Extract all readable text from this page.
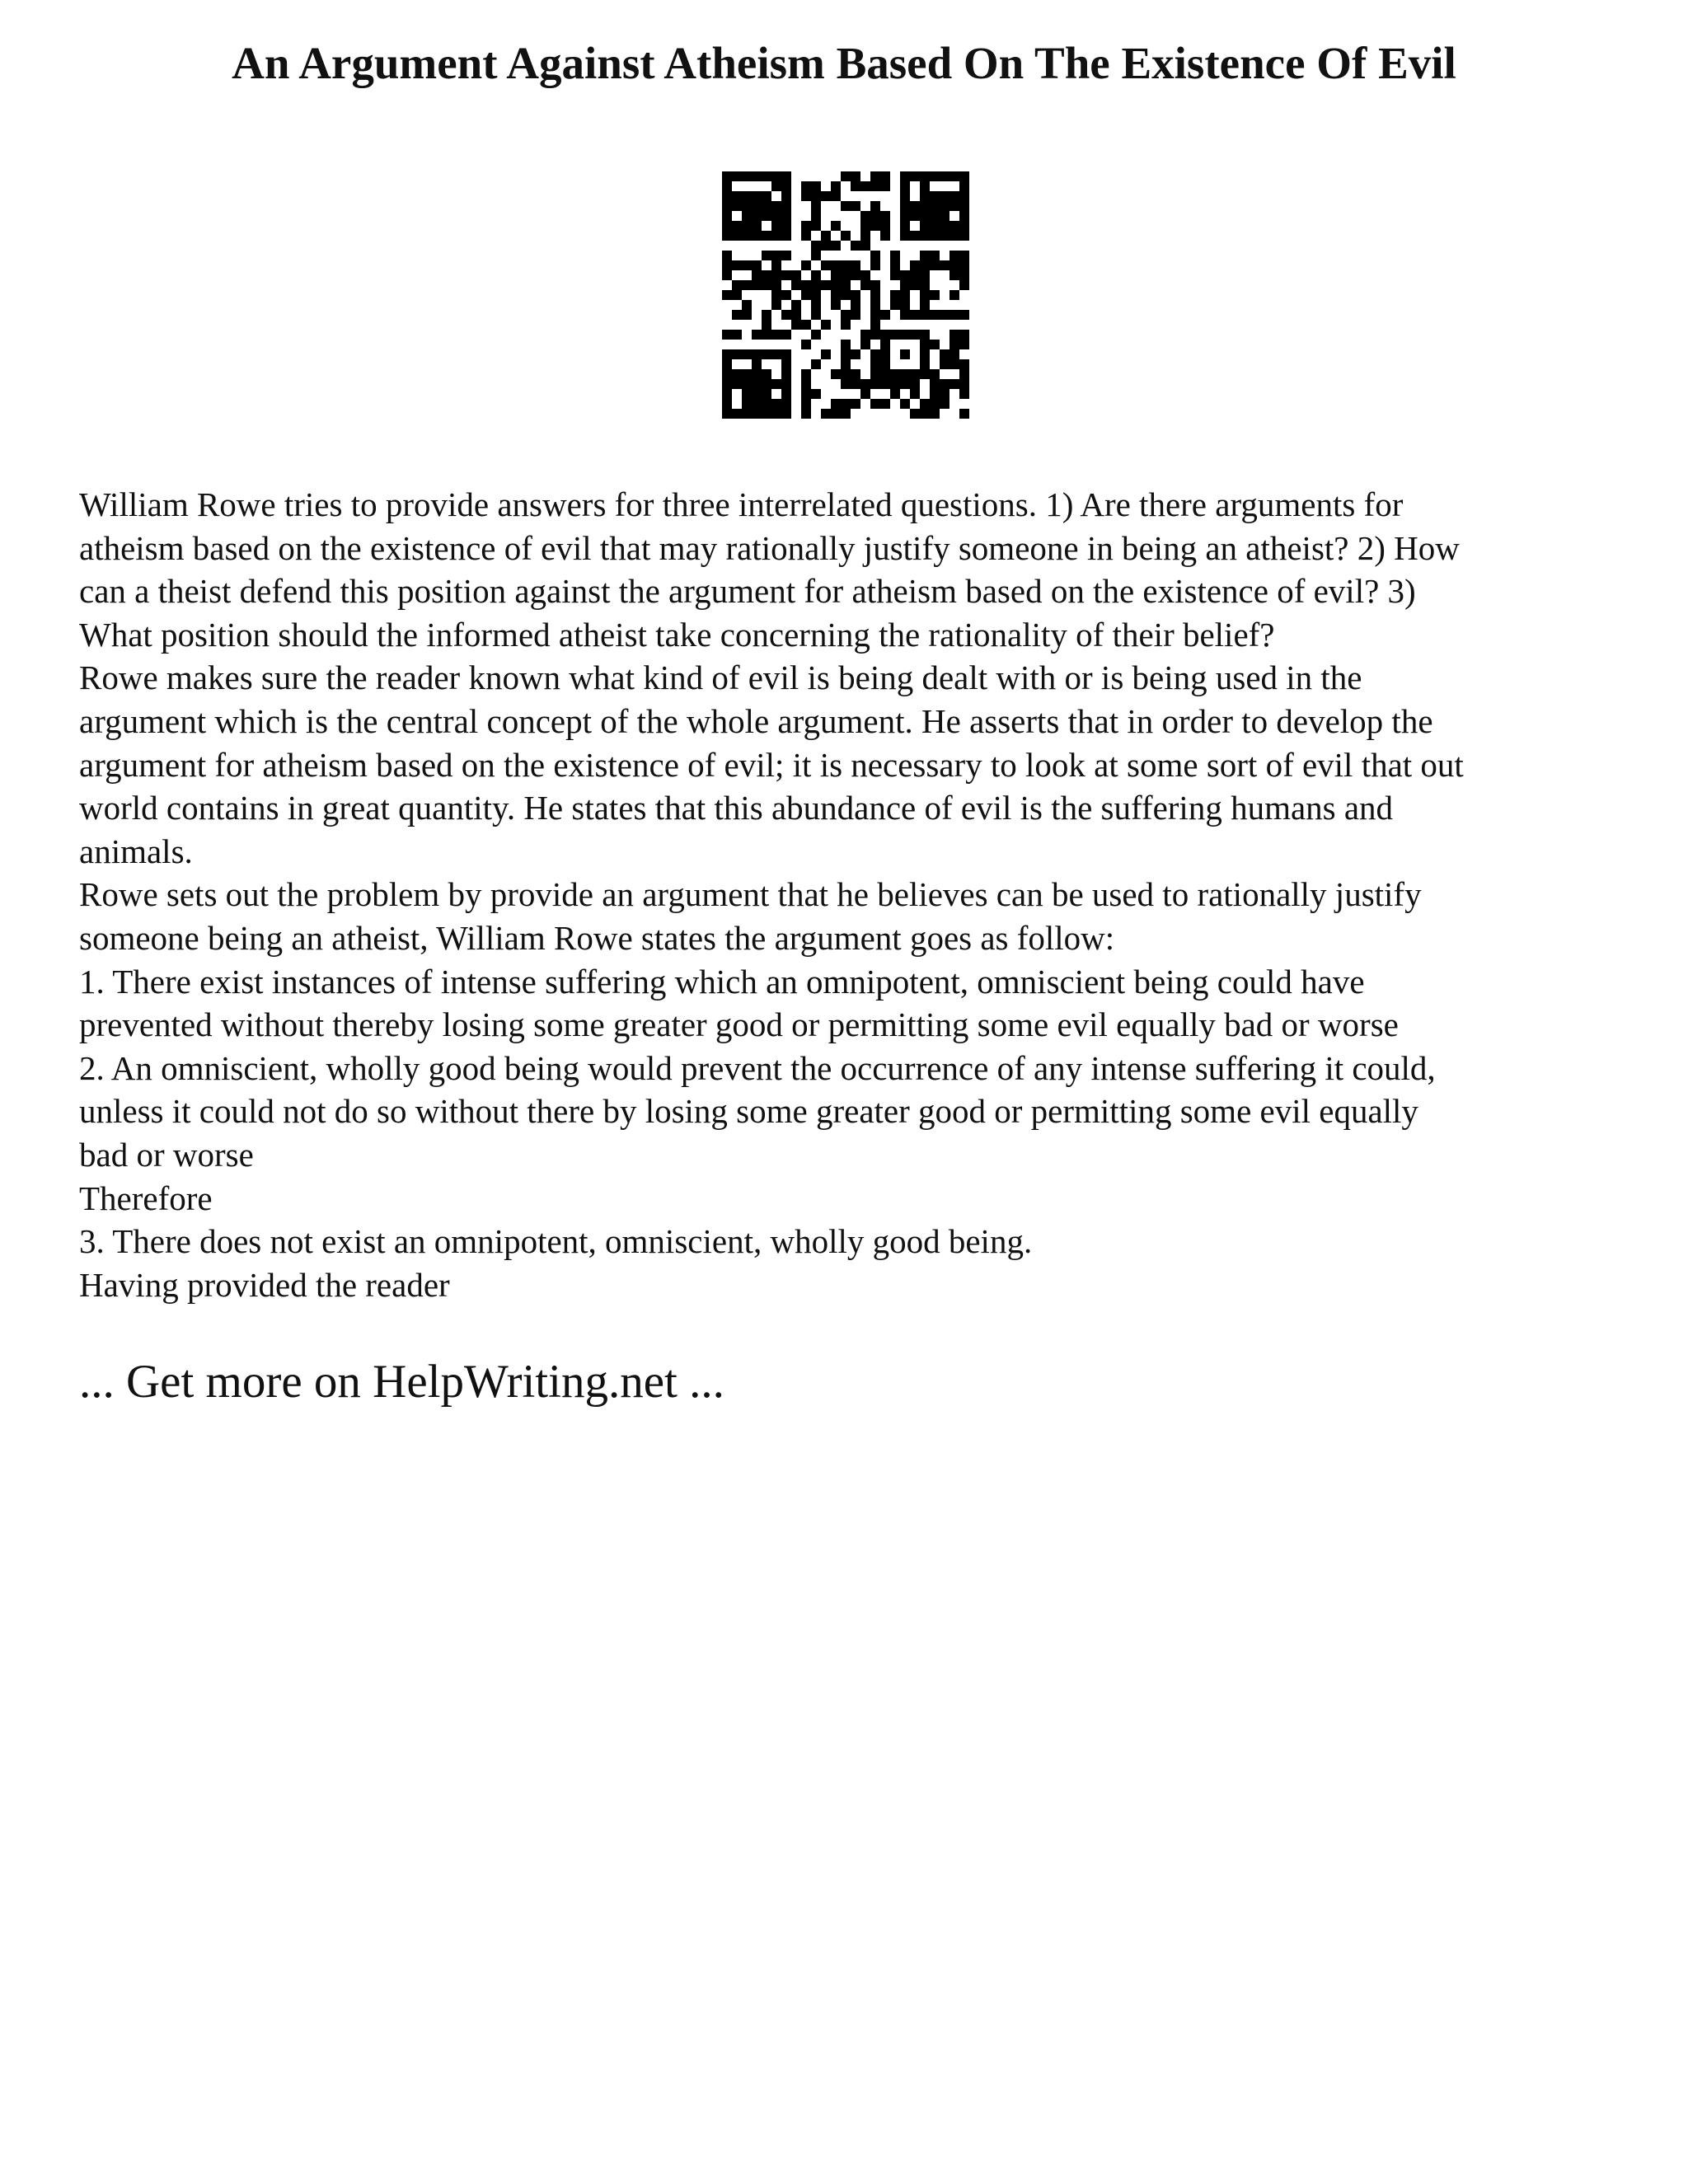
An Argument Against Atheism Based On The Existence Of Evil
William Rowe tries to provide answers for three interrelated questions. 1) Are there arguments for
atheism based on the existence of evil that may rationally justify someone in being an atheist? 2) How
can a theist defend this position against the argument for atheism based on the existence of evil? 3)
What position should the informed atheist take concerning the rationality of their belief?
Rowe makes sure the reader known what kind of evil is being dealt with or is being used in the
argument which is the central concept of the whole argument. He asserts that in order to develop the
argument for atheism based on the existence of evil; it is necessary to look at some sort of evil that out
world contains in great quantity. He states that this abundance of evil is the suffering humans and
animals.
Rowe sets out the problem by provide an argument that he believes can be used to rationally justify
someone being an atheist, William Rowe states the argument goes as follow:
1. There exist instances of intense suffering which an omnipotent, omniscient being could have
prevented without thereby losing some greater good or permitting some evil equally bad or worse
2. An omniscient, wholly good being would prevent the occurrence of any intense suffering it could,
unless it could not do so without there by losing some greater good or permitting some evil equally
bad or worse
Therefore
3. There does not exist an omnipotent, omniscient, wholly good being.
Having provided the reader

... Get more on HelpWriting.net ...
